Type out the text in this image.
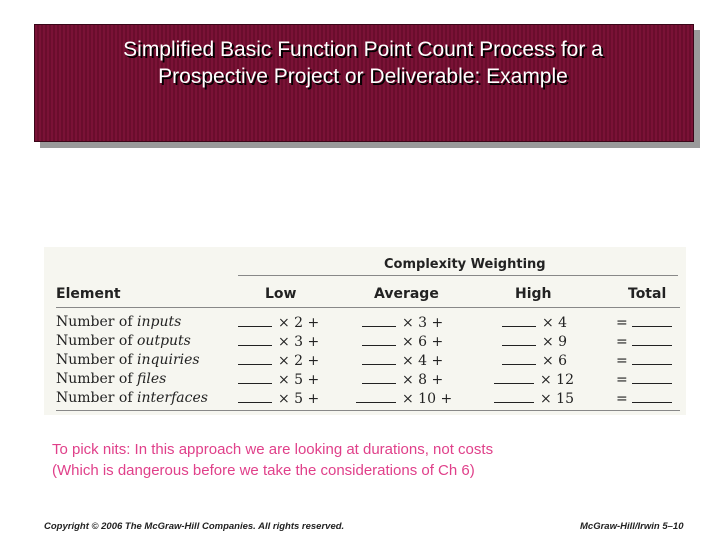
Simplified Basic Function Point Count Process for a
Prospective Project or Deliverable: Example
Complexity Weighting
Element	Low	Average	High	Total
Number of inputs	× 2 +	× 3 +	× 4	=
Number of outputs	× 3 +	× 6 +	× 9	=
Number of inquiries	× 2 +	× 4 +	× 6	=
Number of files	× 5 +	× 8 +	× 12	=
Number of interfaces	× 5 +	× 10 +	× 15	=
To pick nits: In this approach we are looking at durations, not costs
(Which is dangerous before we take the considerations of Ch 6)
Copyright © 2006 The McGraw-Hill Companies. All rights reserved.	McGraw-Hill/Irwin 5–10
